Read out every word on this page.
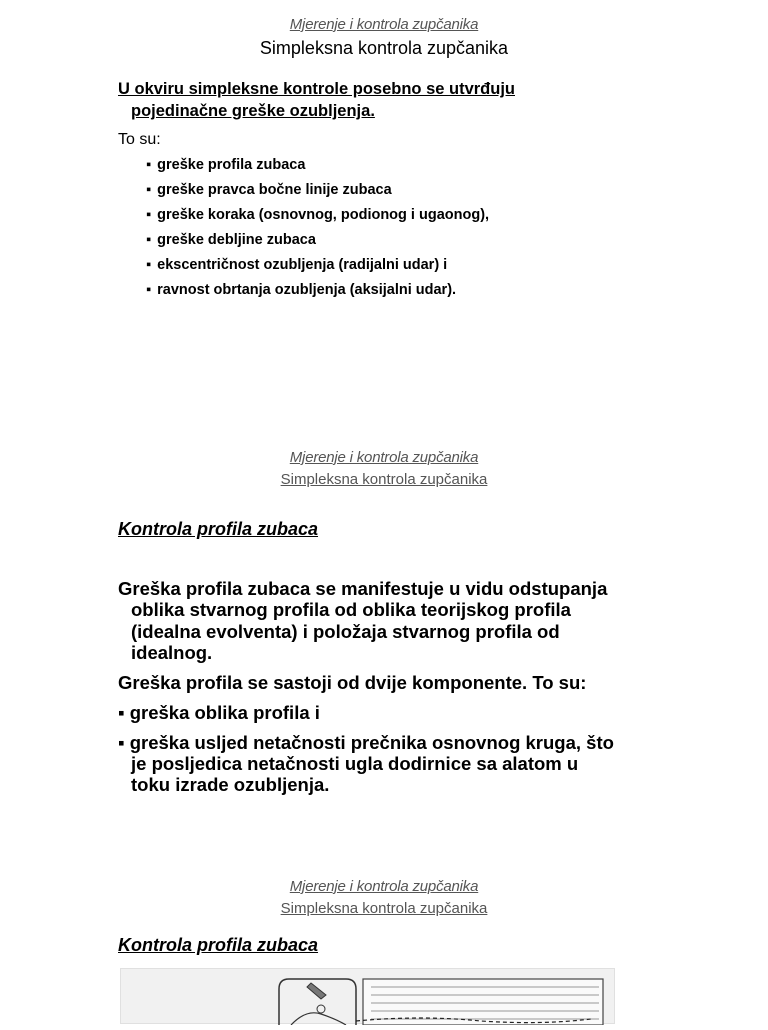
Mjerenje i kontrola zupčanika
Simpleksna kontrola zupčanika
U okviru simpleksne kontrole posebno se utvrđuju
pojedinačne greške ozubljenja.
To su:
▪ greške profila zubaca
▪ greške pravca bočne linije zubaca
▪ greške koraka (osnovnog, podionog i ugaonog),
▪ greške debljine zubaca
▪ ekscentričnost ozubljenja (radijalni udar) i
▪ ravnost obrtanja ozubljenja (aksijalni udar).
Mjerenje i kontrola zupčanika
Simpleksna kontrola zupčanika
Kontrola profila zubaca
Greška profila zubaca se manifestuje u vidu odstupanja
oblika stvarnog profila od oblika teorijskog profila
(idealna evolventa) i položaja stvarnog profila od
idealnog.
Greška profila se sastoji od dvije komponente. To su:
▪ greška oblika profila i
▪ greška usljed netačnosti prečnika osnovnog kruga, što
je posljedica netačnosti ugla dodirnice sa alatom u
toku izrade ozubljenja.
Mjerenje i kontrola zupčanika
Simpleksna kontrola zupčanika
Kontrola profila zubaca
